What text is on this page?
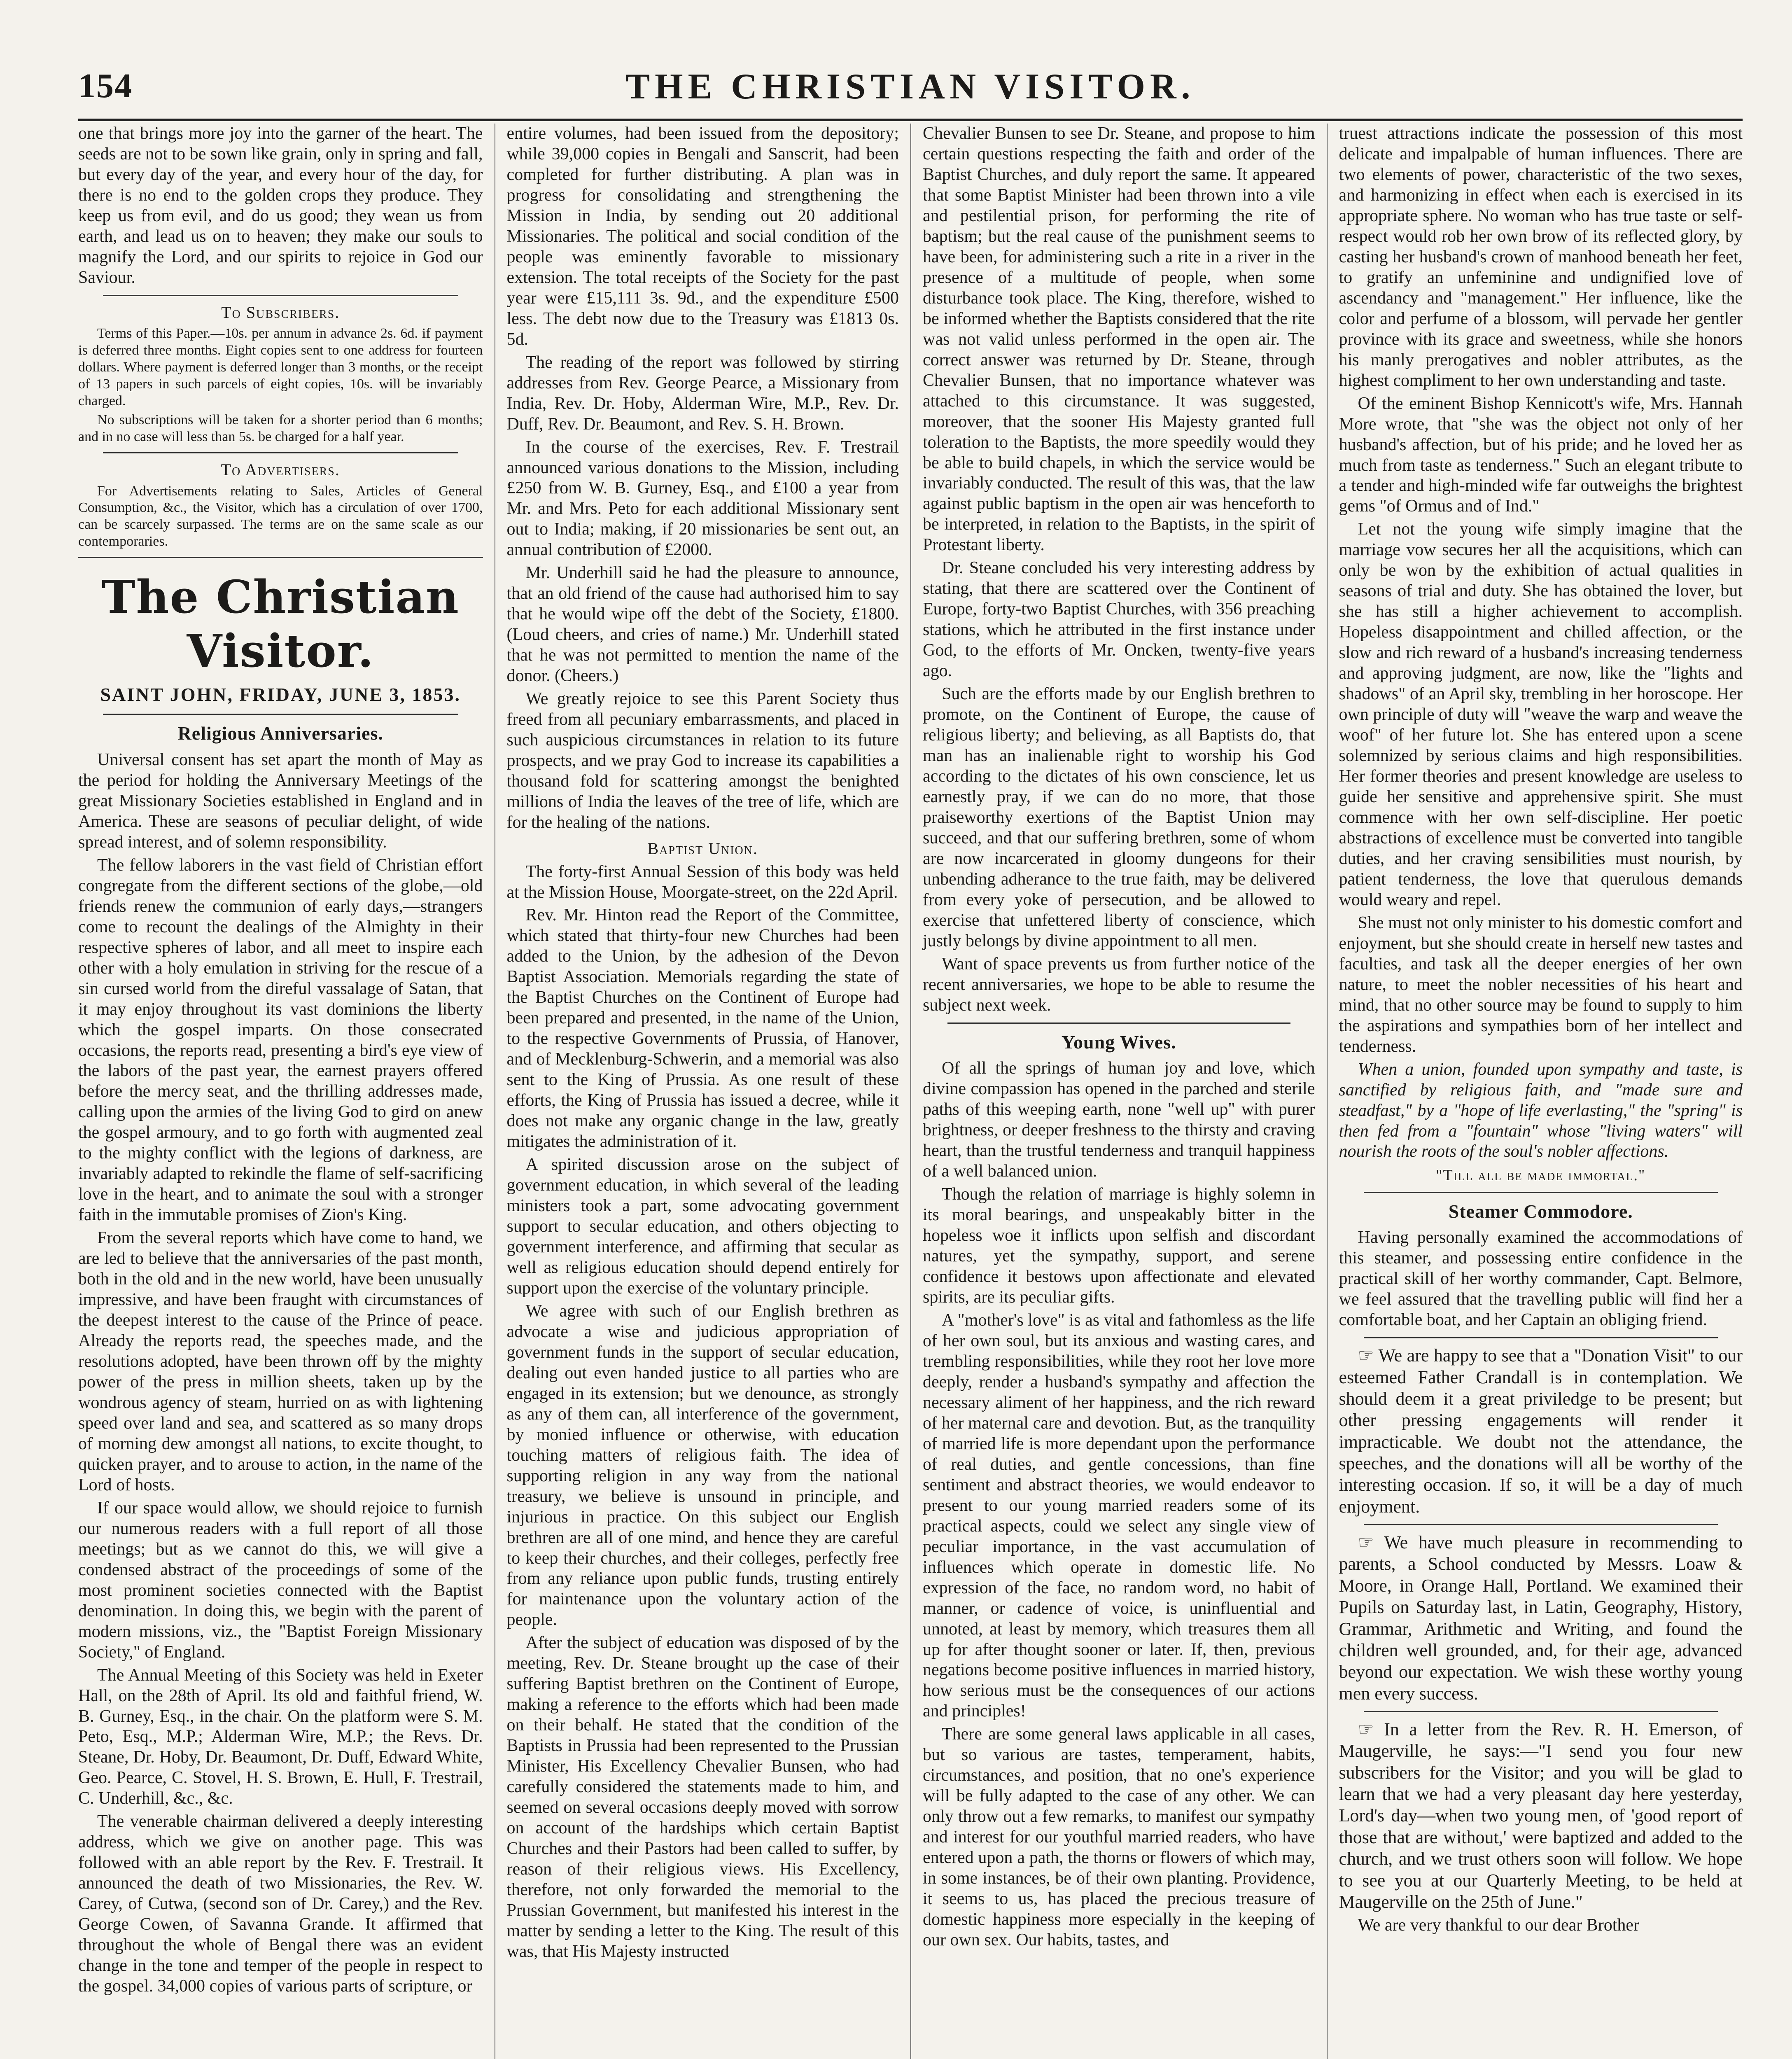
154	THE CHRISTIAN VISITOR.

one that brings more joy into the garner of the heart. The seeds are not to be sown like grain, only in spring and fall, but every day of the year, and every hour of the day, for there is no end to the golden crops they produce. They keep us from evil, and do us good; they wean us from earth, and lead us on to heaven; they make our souls to magnify the Lord, and our spirits to rejoice in God our Saviour.

To Subscribers.

Terms of this Paper.—10s. per annum in advance 2s. 6d. if payment is deferred three months. Eight copies sent to one address for fourteen dollars. Where payment is deferred longer than 3 months, or the receipt of 13 papers in such parcels of eight copies, 10s. will be invariably charged.

No subscriptions will be taken for a shorter period than 6 months; and in no case will less than 5s. be charged for a half year.

To Advertisers.

For Advertisements relating to Sales, Articles of General Consumption, &c., the Visitor, which has a circulation of over 1700, can be scarcely surpassed. The terms are on the same scale as our contemporaries.

The Christian Visitor.
SAINT JOHN, FRIDAY, JUNE 3, 1853.
Religious Anniversaries.

Universal consent has set apart the month of May as the period for holding the Anniversary Meetings of the great Missionary Societies established in England and in America. These are seasons of peculiar delight, of wide spread interest, and of solemn responsibility.

The fellow laborers in the vast field of Christian effort congregate from the different sections of the globe,—old friends renew the communion of early days,—strangers come to recount the dealings of the Almighty in their respective spheres of labor, and all meet to inspire each other with a holy emulation in striving for the rescue of a sin cursed world from the direful vassalage of Satan, that it may enjoy throughout its vast dominions the liberty which the gospel imparts. On those consecrated occasions, the reports read, presenting a bird's eye view of the labors of the past year, the earnest prayers offered before the mercy seat, and the thrilling addresses made, calling upon the armies of the living God to gird on anew the gospel armoury, and to go forth with augmented zeal to the mighty conflict with the legions of darkness, are invariably adapted to rekindle the flame of self-sacrificing love in the heart, and to animate the soul with a stronger faith in the immutable promises of Zion's King.

From the several reports which have come to hand, we are led to believe that the anniversaries of the past month, both in the old and in the new world, have been unusually impressive, and have been fraught with circumstances of the deepest interest to the cause of the Prince of peace. Already the reports read, the speeches made, and the resolutions adopted, have been thrown off by the mighty power of the press in million sheets, taken up by the wondrous agency of steam, hurried on as with lightening speed over land and sea, and scattered as so many drops of morning dew amongst all nations, to excite thought, to quicken prayer, and to arouse to action, in the name of the Lord of hosts.

If our space would allow, we should rejoice to furnish our numerous readers with a full report of all those meetings; but as we cannot do this, we will give a condensed abstract of the proceedings of some of the most prominent societies connected with the Baptist denomination. In doing this, we begin with the parent of modern missions, viz., the "Baptist Foreign Missionary Society," of England.

The Annual Meeting of this Society was held in Exeter Hall, on the 28th of April. Its old and faithful friend, W. B. Gurney, Esq., in the chair. On the platform were S. M. Peto, Esq., M.P.; Alderman Wire, M.P.; the Revs. Dr. Steane, Dr. Hoby, Dr. Beaumont, Dr. Duff, Edward White, Geo. Pearce, C. Stovel, H. S. Brown, E. Hull, F. Trestrail, C. Underhill, &c., &c.

The venerable chairman delivered a deeply interesting address, which we give on another page. This was followed with an able report by the Rev. F. Trestrail. It announced the death of two Missionaries, the Rev. W. Carey, of Cutwa, (second son of Dr. Carey,) and the Rev. George Cowen, of Savanna Grande. It affirmed that throughout the whole of Bengal there was an evident change in the tone and temper of the people in respect to the gospel. 34,000 copies of various parts of scripture, or

entire volumes, had been issued from the depository; while 39,000 copies in Bengali and Sanscrit, had been completed for further distributing. A plan was in progress for consolidating and strengthening the Mission in India, by sending out 20 additional Missionaries. The political and social condition of the people was eminently favorable to missionary extension. The total receipts of the Society for the past year were £15,111 3s. 9d., and the expenditure £500 less. The debt now due to the Treasury was £1813 0s. 5d.

The reading of the report was followed by stirring addresses from Rev. George Pearce, a Missionary from India, Rev. Dr. Hoby, Alderman Wire, M.P., Rev. Dr. Duff, Rev. Dr. Beaumont, and Rev. S. H. Brown.

In the course of the exercises, Rev. F. Trestrail announced various donations to the Mission, including £250 from W. B. Gurney, Esq., and £100 a year from Mr. and Mrs. Peto for each additional Missionary sent out to India; making, if 20 missionaries be sent out, an annual contribution of £2000.

Mr. Underhill said he had the pleasure to announce, that an old friend of the cause had authorised him to say that he would wipe off the debt of the Society, £1800. (Loud cheers, and cries of name.) Mr. Underhill stated that he was not permitted to mention the name of the donor. (Cheers.)

We greatly rejoice to see this Parent Society thus freed from all pecuniary embarrassments, and placed in such auspicious circumstances in relation to its future prospects, and we pray God to increase its capabilities a thousand fold for scattering amongst the benighted millions of India the leaves of the tree of life, which are for the healing of the nations.

Baptist Union.

The forty-first Annual Session of this body was held at the Mission House, Moorgate-street, on the 22d April.

Rev. Mr. Hinton read the Report of the Committee, which stated that thirty-four new Churches had been added to the Union, by the adhesion of the Devon Baptist Association. Memorials regarding the state of the Baptist Churches on the Continent of Europe had been prepared and presented, in the name of the Union, to the respective Governments of Prussia, of Hanover, and of Mecklenburg-Schwerin, and a memorial was also sent to the King of Prussia. As one result of these efforts, the King of Prussia has issued a decree, while it does not make any organic change in the law, greatly mitigates the administration of it.

A spirited discussion arose on the subject of government education, in which several of the leading ministers took a part, some advocating government support to secular education, and others objecting to government interference, and affirming that secular as well as religious education should depend entirely for support upon the exercise of the voluntary principle.

We agree with such of our English brethren as advocate a wise and judicious appropriation of government funds in the support of secular education, dealing out even handed justice to all parties who are engaged in its extension; but we denounce, as strongly as any of them can, all interference of the government, by monied influence or otherwise, with education touching matters of religious faith. The idea of supporting religion in any way from the national treasury, we believe is unsound in principle, and injurious in practice. On this subject our English brethren are all of one mind, and hence they are careful to keep their churches, and their colleges, perfectly free from any reliance upon public funds, trusting entirely for maintenance upon the voluntary action of the people.

After the subject of education was disposed of by the meeting, Rev. Dr. Steane brought up the case of their suffering Baptist brethren on the Continent of Europe, making a reference to the efforts which had been made on their behalf. He stated that the condition of the Baptists in Prussia had been represented to the Prussian Minister, His Excellency Chevalier Bunsen, who had carefully considered the statements made to him, and seemed on several occasions deeply moved with sorrow on account of the hardships which certain Baptist Churches and their Pastors had been called to suffer, by reason of their religious views. His Excellency, therefore, not only forwarded the memorial to the Prussian Government, but manifested his interest in the matter by sending a letter to the King. The result of this was, that His Majesty instructed

Chevalier Bunsen to see Dr. Steane, and propose to him certain questions respecting the faith and order of the Baptist Churches, and duly report the same. It appeared that some Baptist Minister had been thrown into a vile and pestilential prison, for performing the rite of baptism; but the real cause of the punishment seems to have been, for administering such a rite in a river in the presence of a multitude of people, when some disturbance took place. The King, therefore, wished to be informed whether the Baptists considered that the rite was not valid unless performed in the open air. The correct answer was returned by Dr. Steane, through Chevalier Bunsen, that no importance whatever was attached to this circumstance. It was suggested, moreover, that the sooner His Majesty granted full toleration to the Baptists, the more speedily would they be able to build chapels, in which the service would be invariably conducted. The result of this was, that the law against public baptism in the open air was henceforth to be interpreted, in relation to the Baptists, in the spirit of Protestant liberty.

Dr. Steane concluded his very interesting address by stating, that there are scattered over the Continent of Europe, forty-two Baptist Churches, with 356 preaching stations, which he attributed in the first instance under God, to the efforts of Mr. Oncken, twenty-five years ago.

Such are the efforts made by our English brethren to promote, on the Continent of Europe, the cause of religious liberty; and believing, as all Baptists do, that man has an inalienable right to worship his God according to the dictates of his own conscience, let us earnestly pray, if we can do no more, that those praiseworthy exertions of the Baptist Union may succeed, and that our suffering brethren, some of whom are now incarcerated in gloomy dungeons for their unbending adherance to the true faith, may be delivered from every yoke of persecution, and be allowed to exercise that unfettered liberty of conscience, which justly belongs by divine appointment to all men.

Want of space prevents us from further notice of the recent anniversaries, we hope to be able to resume the subject next week.

Young Wives.

Of all the springs of human joy and love, which divine compassion has opened in the parched and sterile paths of this weeping earth, none "well up" with purer brightness, or deeper freshness to the thirsty and craving heart, than the trustful tenderness and tranquil happiness of a well balanced union.

Though the relation of marriage is highly solemn in its moral bearings, and unspeakably bitter in the hopeless woe it inflicts upon selfish and discordant natures, yet the sympathy, support, and serene confidence it bestows upon affectionate and elevated spirits, are its peculiar gifts.

A "mother's love" is as vital and fathomless as the life of her own soul, but its anxious and wasting cares, and trembling responsibilities, while they root her love more deeply, render a husband's sympathy and affection the necessary aliment of her happiness, and the rich reward of her maternal care and devotion. But, as the tranquility of married life is more dependant upon the performance of real duties, and gentle concessions, than fine sentiment and abstract theories, we would endeavor to present to our young married readers some of its practical aspects, could we select any single view of peculiar importance, in the vast accumulation of influences which operate in domestic life. No expression of the face, no random word, no habit of manner, or cadence of voice, is uninfluential and unnoted, at least by memory, which treasures them all up for after thought sooner or later. If, then, previous negations become positive influences in married history, how serious must be the consequences of our actions and principles!

There are some general laws applicable in all cases, but so various are tastes, temperament, habits, circumstances, and position, that no one's experience will be fully adapted to the case of any other. We can only throw out a few remarks, to manifest our sympathy and interest for our youthful married readers, who have entered upon a path, the thorns or flowers of which may, in some instances, be of their own planting. Providence, it seems to us, has placed the precious treasure of domestic happiness more especially in the keeping of our own sex. Our habits, tastes, and

truest attractions indicate the possession of this most delicate and impalpable of human influences. There are two elements of power, characteristic of the two sexes, and harmonizing in effect when each is exercised in its appropriate sphere. No woman who has true taste or self-respect would rob her own brow of its reflected glory, by casting her husband's crown of manhood beneath her feet, to gratify an unfeminine and undignified love of ascendancy and "management." Her influence, like the color and perfume of a blossom, will pervade her gentler province with its grace and sweetness, while she honors his manly prerogatives and nobler attributes, as the highest compliment to her own understanding and taste.

Of the eminent Bishop Kennicott's wife, Mrs. Hannah More wrote, that "she was the object not only of her husband's affection, but of his pride; and he loved her as much from taste as tenderness." Such an elegant tribute to a tender and high-minded wife far outweighs the brightest gems "of Ormus and of Ind."

Let not the young wife simply imagine that the marriage vow secures her all the acquisitions, which can only be won by the exhibition of actual qualities in seasons of trial and duty. She has obtained the lover, but she has still a higher achievement to accomplish. Hopeless disappointment and chilled affection, or the slow and rich reward of a husband's increasing tenderness and approving judgment, are now, like the "lights and shadows" of an April sky, trembling in her horoscope. Her own principle of duty will "weave the warp and weave the woof" of her future lot. She has entered upon a scene solemnized by serious claims and high responsibilities. Her former theories and present knowledge are useless to guide her sensitive and apprehensive spirit. She must commence with her own self-discipline. Her poetic abstractions of excellence must be converted into tangible duties, and her craving sensibilities must nourish, by patient tenderness, the love that querulous demands would weary and repel.

She must not only minister to his domestic comfort and enjoyment, but she should create in herself new tastes and faculties, and task all the deeper energies of her own nature, to meet the nobler necessities of his heart and mind, that no other source may be found to supply to him the aspirations and sympathies born of her intellect and tenderness.

When a union, founded upon sympathy and taste, is sanctified by religious faith, and "made sure and steadfast," by a "hope of life everlasting," the "spring" is then fed from a "fountain" whose "living waters" will nourish the roots of the soul's nobler affections.

"Till all be made immortal."
Steamer Commodore.

Having personally examined the accommodations of this steamer, and possessing entire confidence in the practical skill of her worthy commander, Capt. Belmore, we feel assured that the travelling public will find her a comfortable boat, and her Captain an obliging friend.

☞ We are happy to see that a "Donation Visit" to our esteemed Father Crandall is in contemplation. We should deem it a great priviledge to be present; but other pressing engagements will render it impracticable. We doubt not the attendance, the speeches, and the donations will all be worthy of the interesting occasion. If so, it will be a day of much enjoyment.

☞ We have much pleasure in recommending to parents, a School conducted by Messrs. Loaw & Moore, in Orange Hall, Portland. We examined their Pupils on Saturday last, in Latin, Geography, History, Grammar, Arithmetic and Writing, and found the children well grounded, and, for their age, advanced beyond our expectation. We wish these worthy young men every success.

☞ In a letter from the Rev. R. H. Emerson, of Maugerville, he says:—"I send you four new subscribers for the Visitor; and you will be glad to learn that we had a very pleasant day here yesterday, Lord's day—when two young men, of 'good report of those that are without,' were baptized and added to the church, and we trust others soon will follow. We hope to see you at our Quarterly Meeting, to be held at Maugerville on the 25th of June."

We are very thankful to our dear Brother
